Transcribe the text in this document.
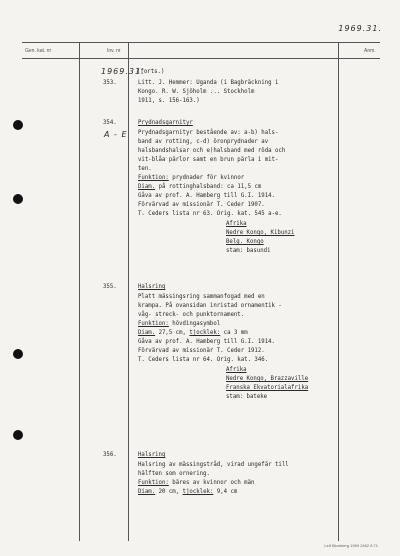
1969.31.
Gen. kat. nr	Inv. nr	Anm.
1969.31.
(forts.)
353.	Litt. J. Hemmer: Uganda (i Bagbräckning i
Kongo. R. W. Sjöholm ... Stockholm
1911, s. 156-163.)
354.
A - E
Prydnadsgarnityr
Prydnadsgarnityr bestående av: a-b) hals-
band av rotting, c-d) öronprydnader av
halsbandshalsar och e)halsband med röda och
vit-blåa pärlor samt en brun pärla i mit-
ten.
Funktion: prydnader för kvinnor
Diam. på rottinghalsband: ca 11,5 cm
Gåva av prof. A. Hamberg till G.I. 1914.
Förvärvad av missionär T. Ceder 1907.
T. Ceders lista nr 63. Orig. kat. 545 a-e.
Afrika
Nedre Kongo, Kibunzi
Belg. Kongo
stam: basundi
355.	Halsring
Platt mässingsring sammanfogad med en
krampa. På ovansidan inristad ornamentik -
våg- streck- och punktornament.
Funktion: hövdingasymbol
Diam. 27,5 cm, tjocklek: ca 3 mm
Gåva av prof. A. Hamberg till G.I. 1914.
Förvärvad av missionär T. Ceder 1912.
T. Ceders lista nr 64. Orig. kat. 346.
Afrika
Nedre Kongo, Brazzaville
Franska Ekvatorialafrika
stam: bateke
356.	Halsring
Halsring av mässingstråd, virad ungefär till
hälften som ornering.
Funktion: bäres av kvinnor och män
Diam. 20 cm, tjocklek: 9,4 cm
Leif Blomberg 1969 2462 8 71
